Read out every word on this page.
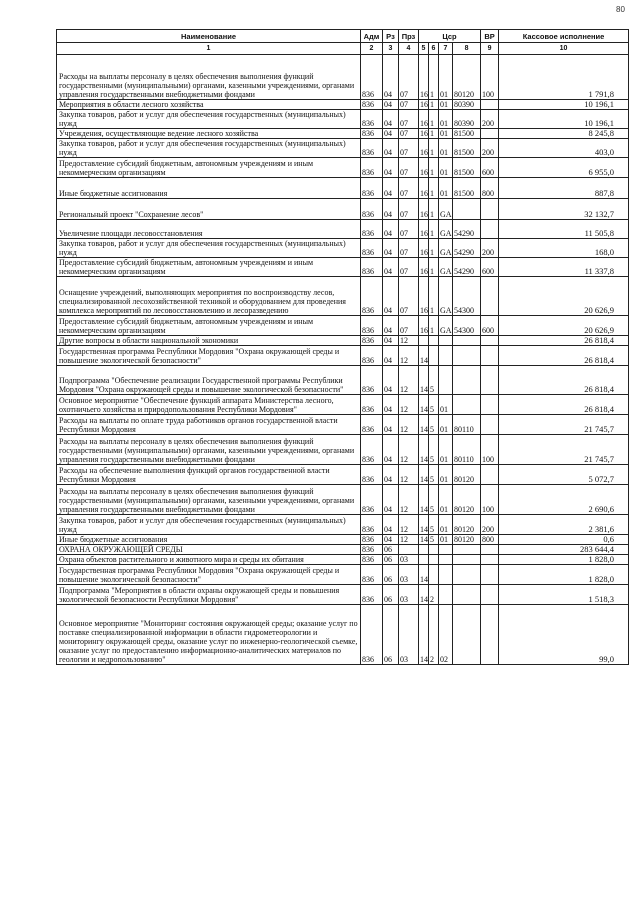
80
Наименование	Адм	Рз	Прз	Цср				ВР	Кассовое исполнение
1	2	3	4	5	6	7	8	9	10
Расходы на выплаты персоналу в целях обеспечения выполнения функций государственными (муниципальными) органами, казенными учреждениями, органами управления государственными внебюджетными фондами	836	04	07	16	1	01	80120	100	1 791,8
Мероприятия в области лесного хозяйства	836	04	07	16	1	01	80390		10 196,1
Закупка товаров, работ и услуг для обеспечения государственных (муниципальных) нужд	836	04	07	16	1	01	80390	200	10 196,1
Учреждения, осуществляющие ведение лесного хозяйства	836	04	07	16	1	01	81500		8 245,8
Закупка товаров, работ и услуг для обеспечения государственных (муниципальных) нужд	836	04	07	16	1	01	81500	200	403,0
Предоставление субсидий бюджетным, автономным учреждениям и иным некоммерческим организациям	836	04	07	16	1	01	81500	600	6 955,0
Иные бюджетные ассигнования	836	04	07	16	1	01	81500	800	887,8
Региональный проект "Сохранение лесов"	836	04	07	16	1	GA			32 132,7
Увеличение площади лесовосстановления	836	04	07	16	1	GA	54290		11 505,8
Закупка товаров, работ и услуг для обеспечения государственных (муниципальных) нужд	836	04	07	16	1	GA	54290	200	168,0
Предоставление субсидий бюджетным, автономным учреждениям и иным некоммерческим организациям	836	04	07	16	1	GA	54290	600	11 337,8
Оснащение учреждений, выполняющих мероприятия по воспроизводству лесов, специализированной лесохозяйственной техникой и оборудованием для проведения комплекса мероприятий по лесовосстановлению и лесоразведению	836	04	07	16	1	GA	54300		20 626,9
Предоставление субсидий бюджетным, автономным учреждениям и иным некоммерческим организациям	836	04	07	16	1	GA	54300	600	20 626,9
Другие вопросы в области национальной экономики	836	04	12						26 818,4
Государственная программа Республики Мордовия "Охрана окружающей среды и повышение экологической безопасности"	836	04	12	14					26 818,4
Подпрограмма "Обеспечение реализации Государственной программы Республики Мордовия "Охрана окружающей среды и повышение экологической безопасности"	836	04	12	14	5				26 818,4
Основное мероприятие "Обеспечение функций аппарата Министерства лесного, охотничьего хозяйства и природопользования Республики Мордовия"	836	04	12	14	5	01			26 818,4
Расходы на выплаты по оплате труда работников органов государственной власти Республики Мордовия	836	04	12	14	5	01	80110		21 745,7
Расходы на выплаты персоналу в целях обеспечения выполнения функций государственными (муниципальными) органами, казенными учреждениями, органами управления государственными внебюджетными фондами	836	04	12	14	5	01	80110	100	21 745,7
Расходы на обеспечение выполнения функций органов государственной власти Республики Мордовия	836	04	12	14	5	01	80120		5 072,7
Расходы на выплаты персоналу в целях обеспечения выполнения функций государственными (муниципальными) органами, казенными учреждениями, органами управления государственными внебюджетными фондами	836	04	12	14	5	01	80120	100	2 690,6
Закупка товаров, работ и услуг для обеспечения государственных (муниципальных) нужд	836	04	12	14	5	01	80120	200	2 381,6
Иные бюджетные ассигнования	836	04	12	14	5	01	80120	800	0,6
ОХРАНА ОКРУЖАЮЩЕЙ СРЕДЫ	836	06							283 644,4
Охрана объектов растительного и животного мира и среды их обитания	836	06	03						1 828,0
Государственная программа Республики Мордовия "Охрана окружающей среды и повышение экологической безопасности"	836	06	03	14					1 828,0
Подпрограмма "Мероприятия в области охраны окружающей среды и повышения экологической безопасности Республики Мордовия"	836	06	03	14	2				1 518,3
Основное мероприятие "Мониторинг состояния окружающей среды; оказание услуг по поставке специализированной информации в области гидрометеорологии и мониторингу окружающей среды, оказание услуг по инженерно-геологической съемке, оказание услуг по предоставлению информационно-аналитических материалов по геологии и недропользованию"	836	06	03	14	2	02			99,0
